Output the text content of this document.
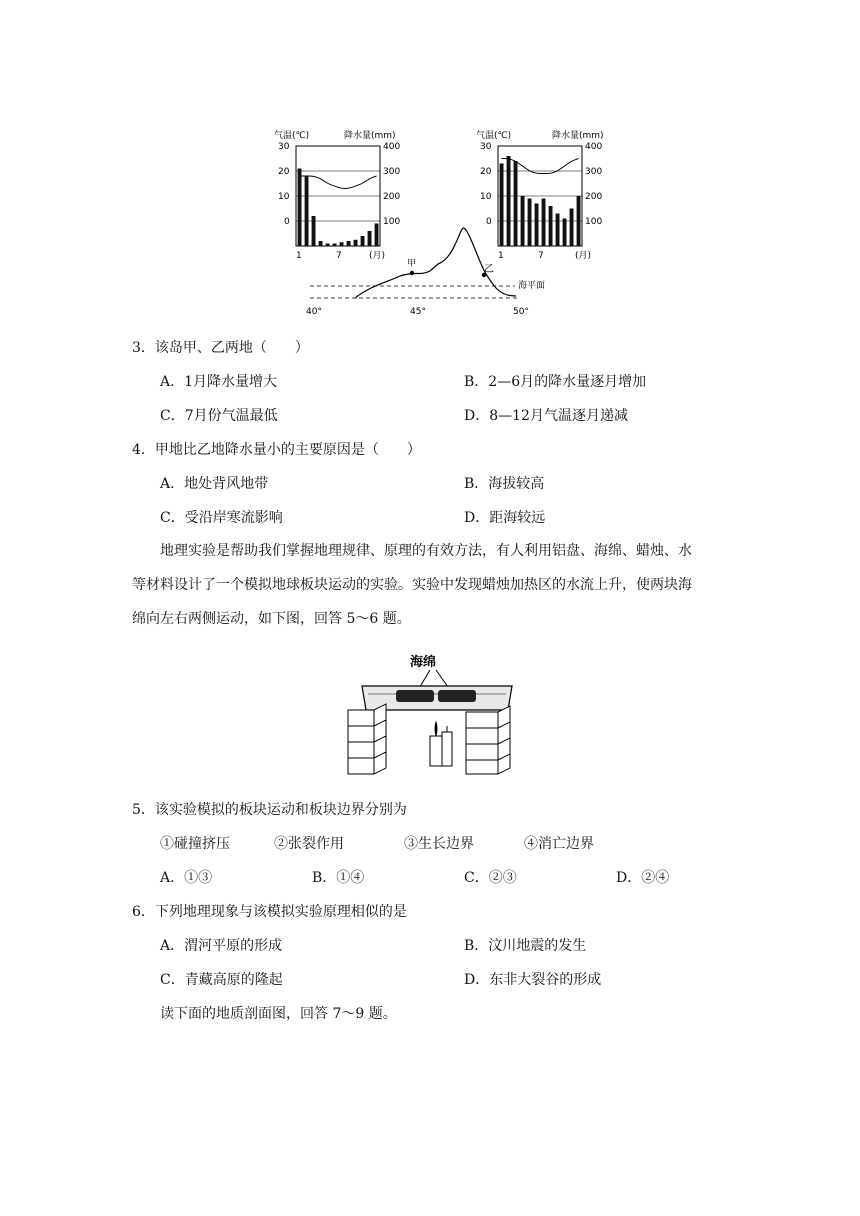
气温(℃)	降水量(mm)
30
20
10
0
400
300
200
100
1	7	(月)
气温(℃)	降水量(mm)
30
20
10
0
400
300
200
100
1	7	(月)
甲	乙
海平面
40°	45°	50°
3．该岛甲、乙两地（　　）
A．1月降水量增大	B．2—6月的降水量逐月增加
C．7月份气温最低	D．8—12月气温逐月递减
4．甲地比乙地降水量小的主要原因是（　　）
A．地处背风地带	B．海拔较高
C．受沿岸寒流影响	D．距海较远

地理实验是帮助我们掌握地理规律、原理的有效方法，有人利用铝盘、海绵、蜡烛、水

等材料设计了一个模拟地球板块运动的实验。实验中发现蜡烛加热区的水流上升，使两块海

绵向左右两侧运动，如下图，回答 5～6 题。

海绵
5．该实验模拟的板块运动和板块边界分别为
①碰撞挤压	②张裂作用	③生长边界	④消亡边界
A．①③	B．①④	C．②③	D．②④
6．下列地理现象与该模拟实验原理相似的是
A．渭河平原的形成	B．汶川地震的发生
C．青藏高原的隆起	D．东非大裂谷的形成
读下面的地质剖面图，回答 7～9 题。
